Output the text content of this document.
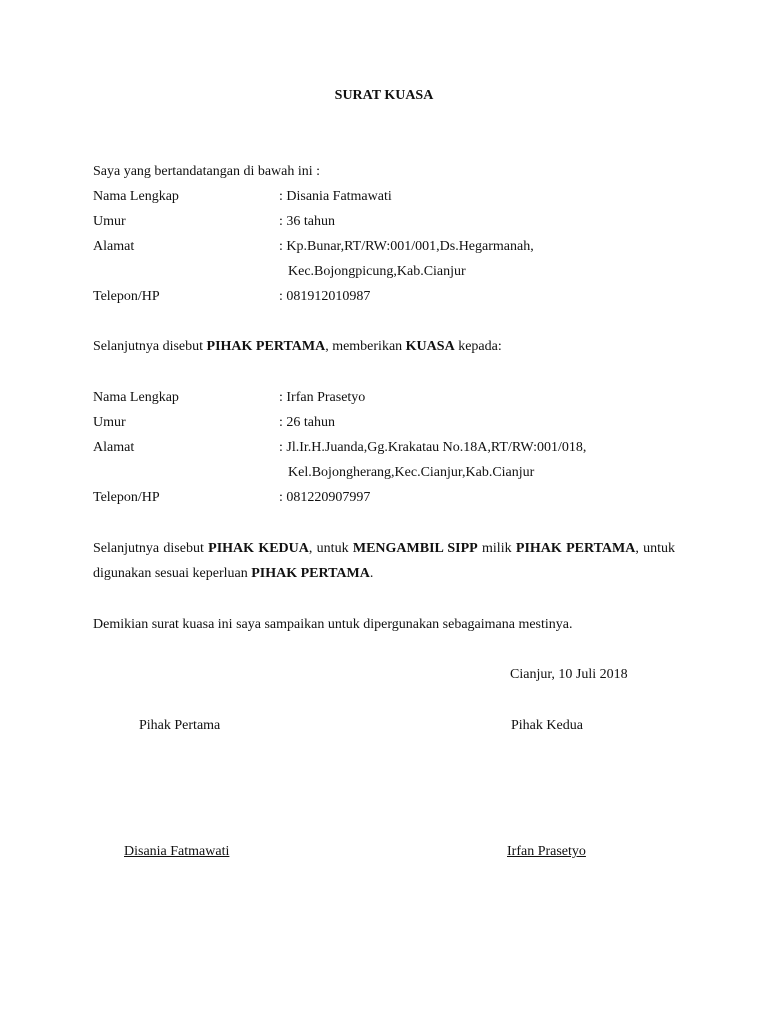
SURAT KUASA
Saya yang bertandatangan di bawah ini :
Nama Lengkap	: Disania Fatmawati
Umur	: 36 tahun
Alamat	: Kp.Bunar,RT/RW:001/001,Ds.Hegarmanah,
Kec.Bojongpicung,Kab.Cianjur
Telepon/HP	: 081912010987
Selanjutnya disebut PIHAK PERTAMA, memberikan KUASA kepada:
Nama Lengkap	: Irfan Prasetyo
Umur	: 26 tahun
Alamat	: Jl.Ir.H.Juanda,Gg.Krakatau No.18A,RT/RW:001/018,
Kel.Bojongherang,Kec.Cianjur,Kab.Cianjur
Telepon/HP	: 081220907997
Selanjutnya disebut PIHAK KEDUA, untuk MENGAMBIL SIPP milik PIHAK PERTAMA, untuk digunakan sesuai keperluan PIHAK PERTAMA.
Demikian surat kuasa ini saya sampaikan untuk dipergunakan sebagaimana mestinya.
Cianjur, 10 Juli 2018
Pihak Pertama	Pihak Kedua
Disania Fatmawati	Irfan Prasetyo
